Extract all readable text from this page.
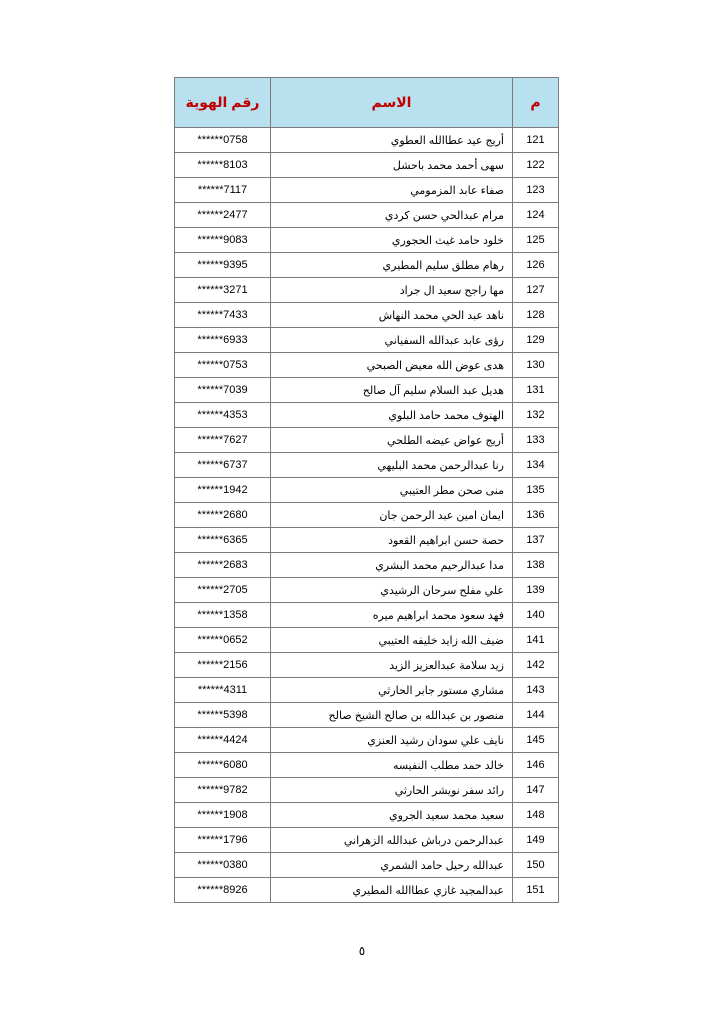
م	الاسم	رقم الهوية
121	أريج عيد عطاالله العطوي	******0758
122	سهى أحمد محمد باحشل	******8103
123	صفاء عابد المزمومي	******7117
124	مرام عبدالحي حسن كردي	******2477
125	خلود حامد غيث الحجوري	******9083
126	رهام مطلق سليم المطيري	******9395
127	مها راجح سعيد ال جراد	******3271
128	ناهد عبد الحي محمد النهاش	******7433
129	رؤى عابد عبدالله السفياني	******6933
130	هدى عوض الله معيض الصبحي	******0753
131	هديل عبد السلام سليم آل صالح	******7039
132	الهنوف محمد حامد البلوي	******4353
133	أريج عواض عيضه الطلحي	******7627
134	رنا عبدالرحمن محمد البليهي	******6737
135	منى صحن مطر العتيبي	******1942
136	ايمان امين عبد الرحمن جان	******2680
137	حصة حسن ابراهيم القعود	******6365
138	مدا عبدالرحيم محمد البشري	******2683
139	علي مفلح سرحان الرشيدي	******2705
140	فهد سعود محمد ابراهيم ميره	******1358
141	ضيف الله زايد خليفه العتيبي	******0652
142	زيد سلامة عبدالعزيز الزيد	******2156
143	مشاري مستور جابر الحارثي	******4311
144	منصور بن عبدالله بن صالح الشيخ صالح	******5398
145	نايف علي سودان رشيد العنزي	******4424
146	خالد حمد مطلب النفيسه	******6080
147	رائد سفر نويشر الحارثي	******9782
148	سعيد محمد سعيد الجروي	******1908
149	عبدالرحمن درباش عبدالله الزهراني	******1796
150	عبدالله رحيل حامد الشمري	******0380
151	عبدالمجيد غازي عطاالله المطيري	******8926
٥
